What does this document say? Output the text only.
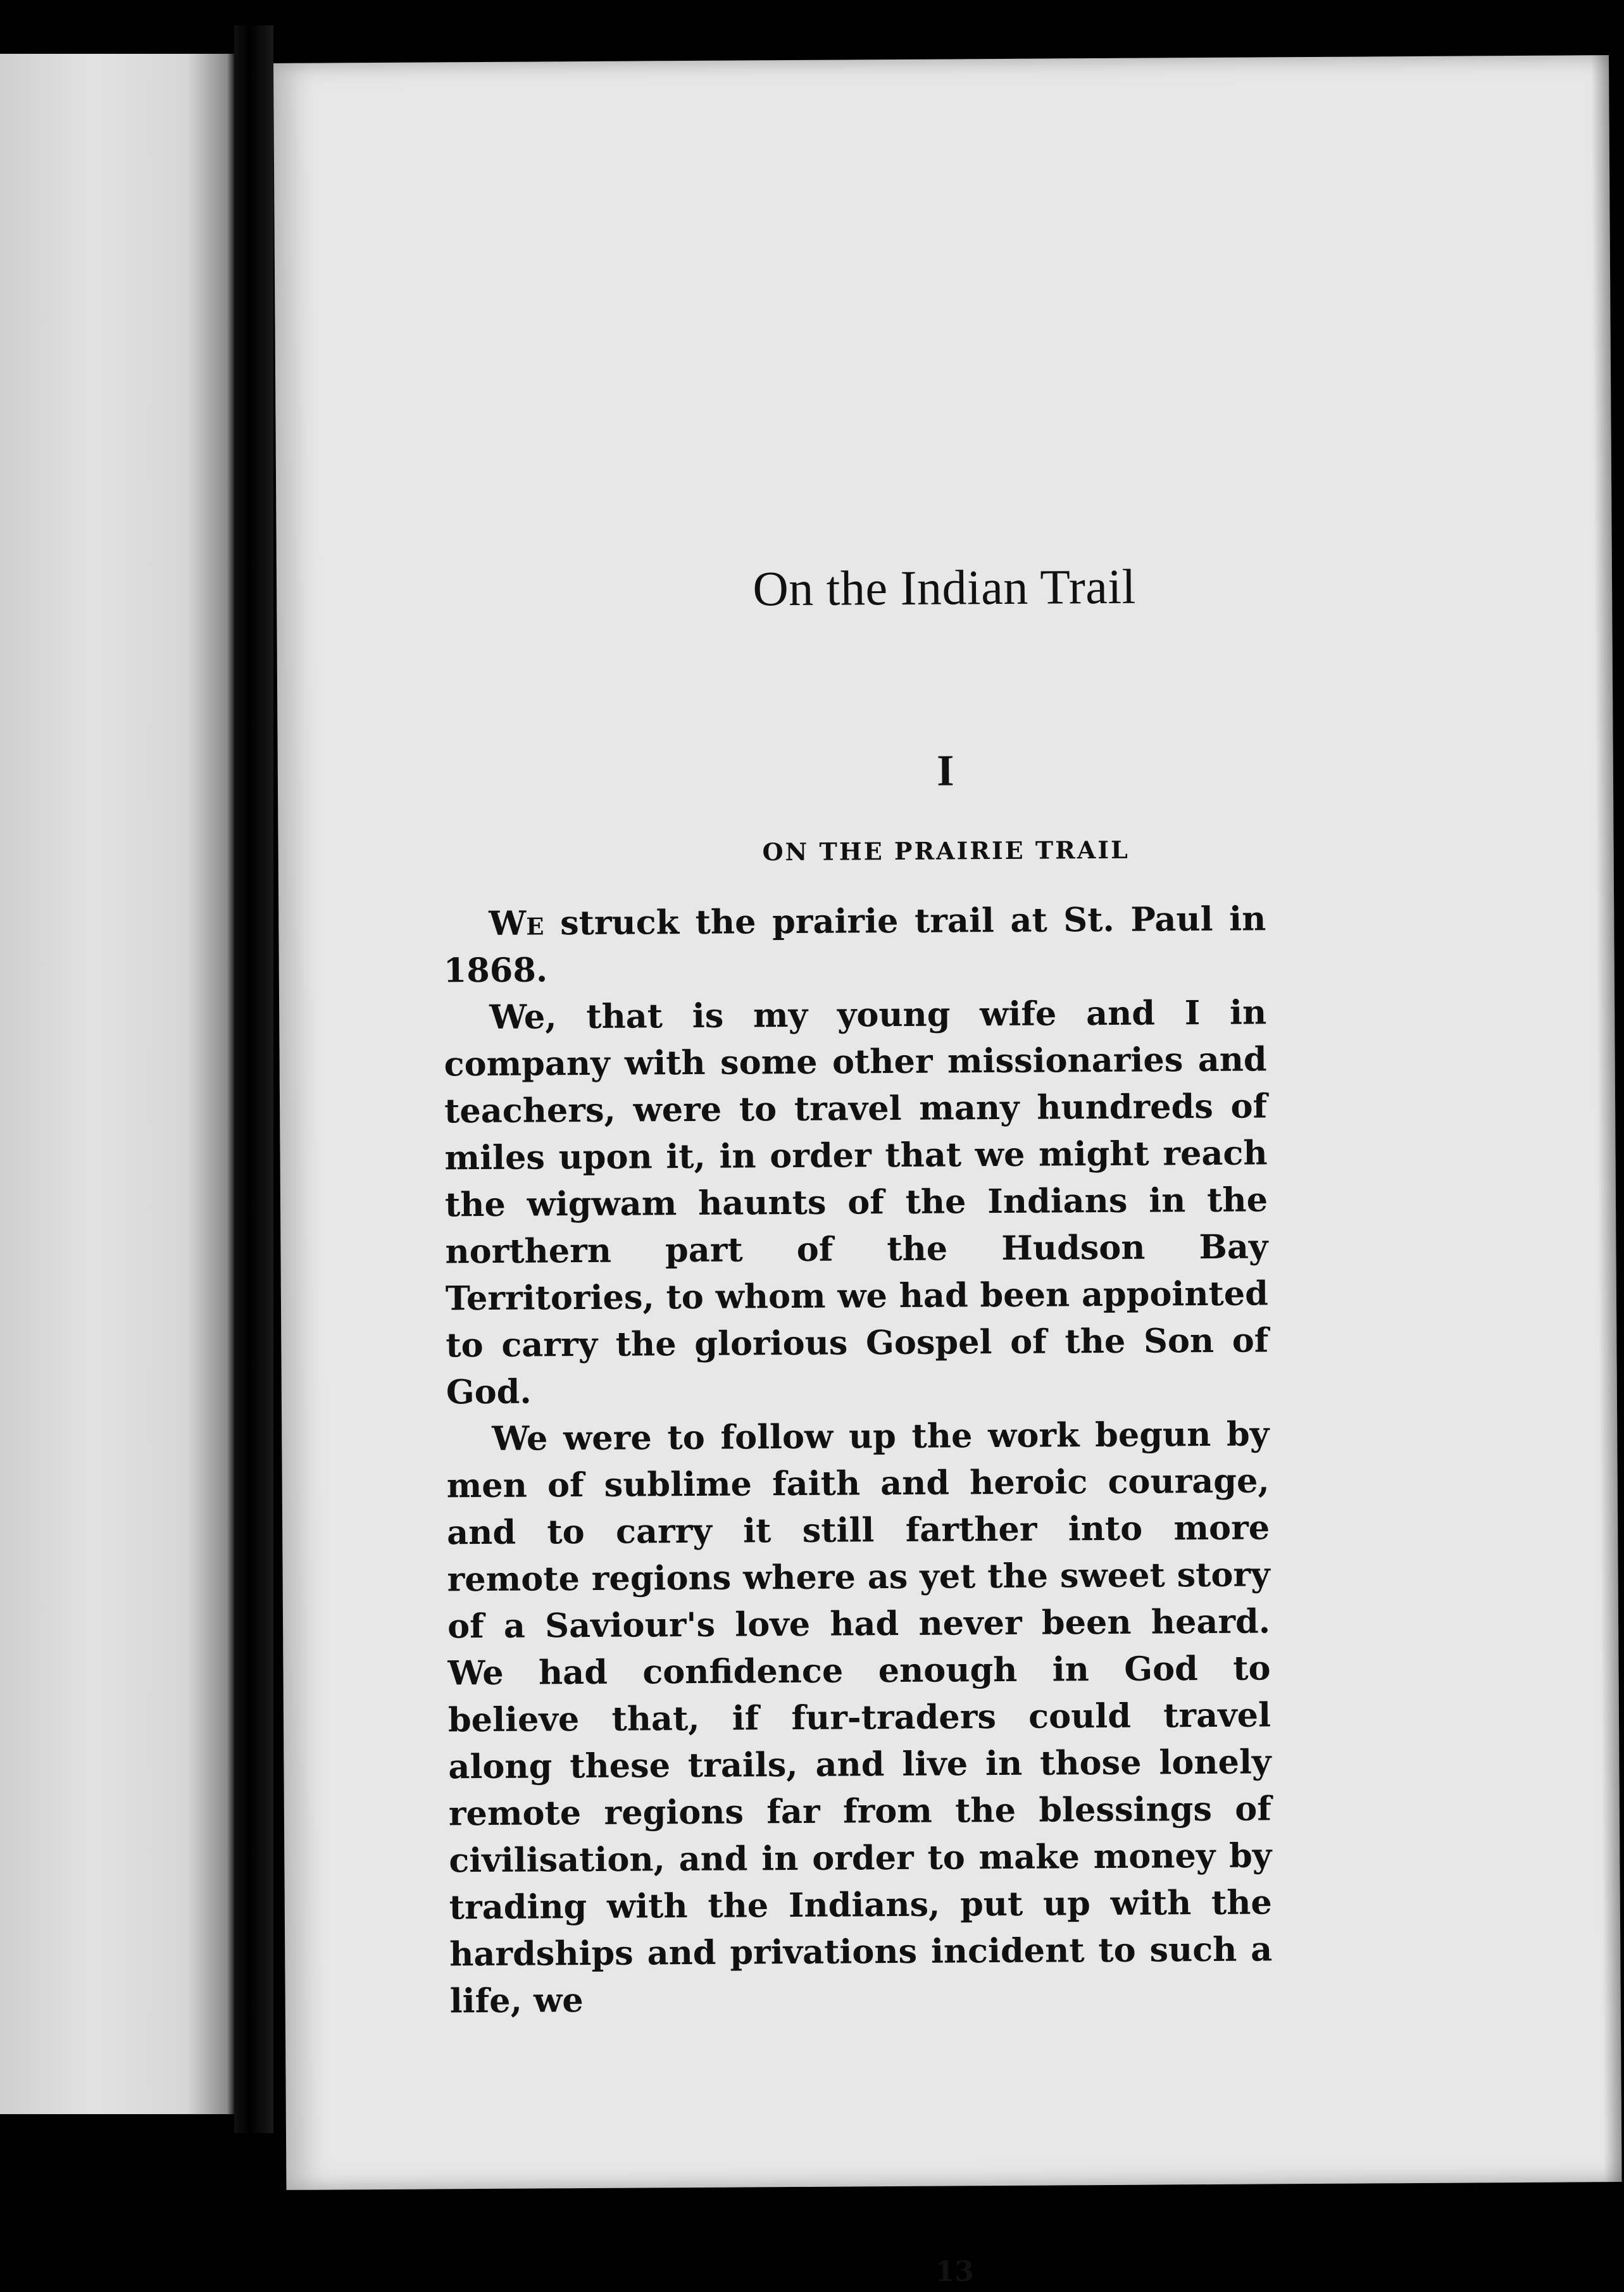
On the Indian Trail
I
ON THE PRAIRIE TRAIL

We struck the prairie trail at St. Paul in 1868.

We, that is my young wife and I in company with some other missionaries and teachers, were to travel many hundreds of miles upon it, in order that we might reach the wigwam haunts of the Indians in the northern part of the Hudson Bay Territories, to whom we had been appointed to carry the glorious Gospel of the Son of God.

We were to follow up the work begun by men of sublime faith and heroic courage, and to carry it still farther into more remote regions where as yet the sweet story of a Saviour's love had never been heard. We had confidence enough in God to believe that, if fur-traders could travel along these trails, and live in those lonely remote regions far from the blessings of civilisation, and in order to make money by trading with the Indians, put up with the hardships and privations incident to such a life, we

13
